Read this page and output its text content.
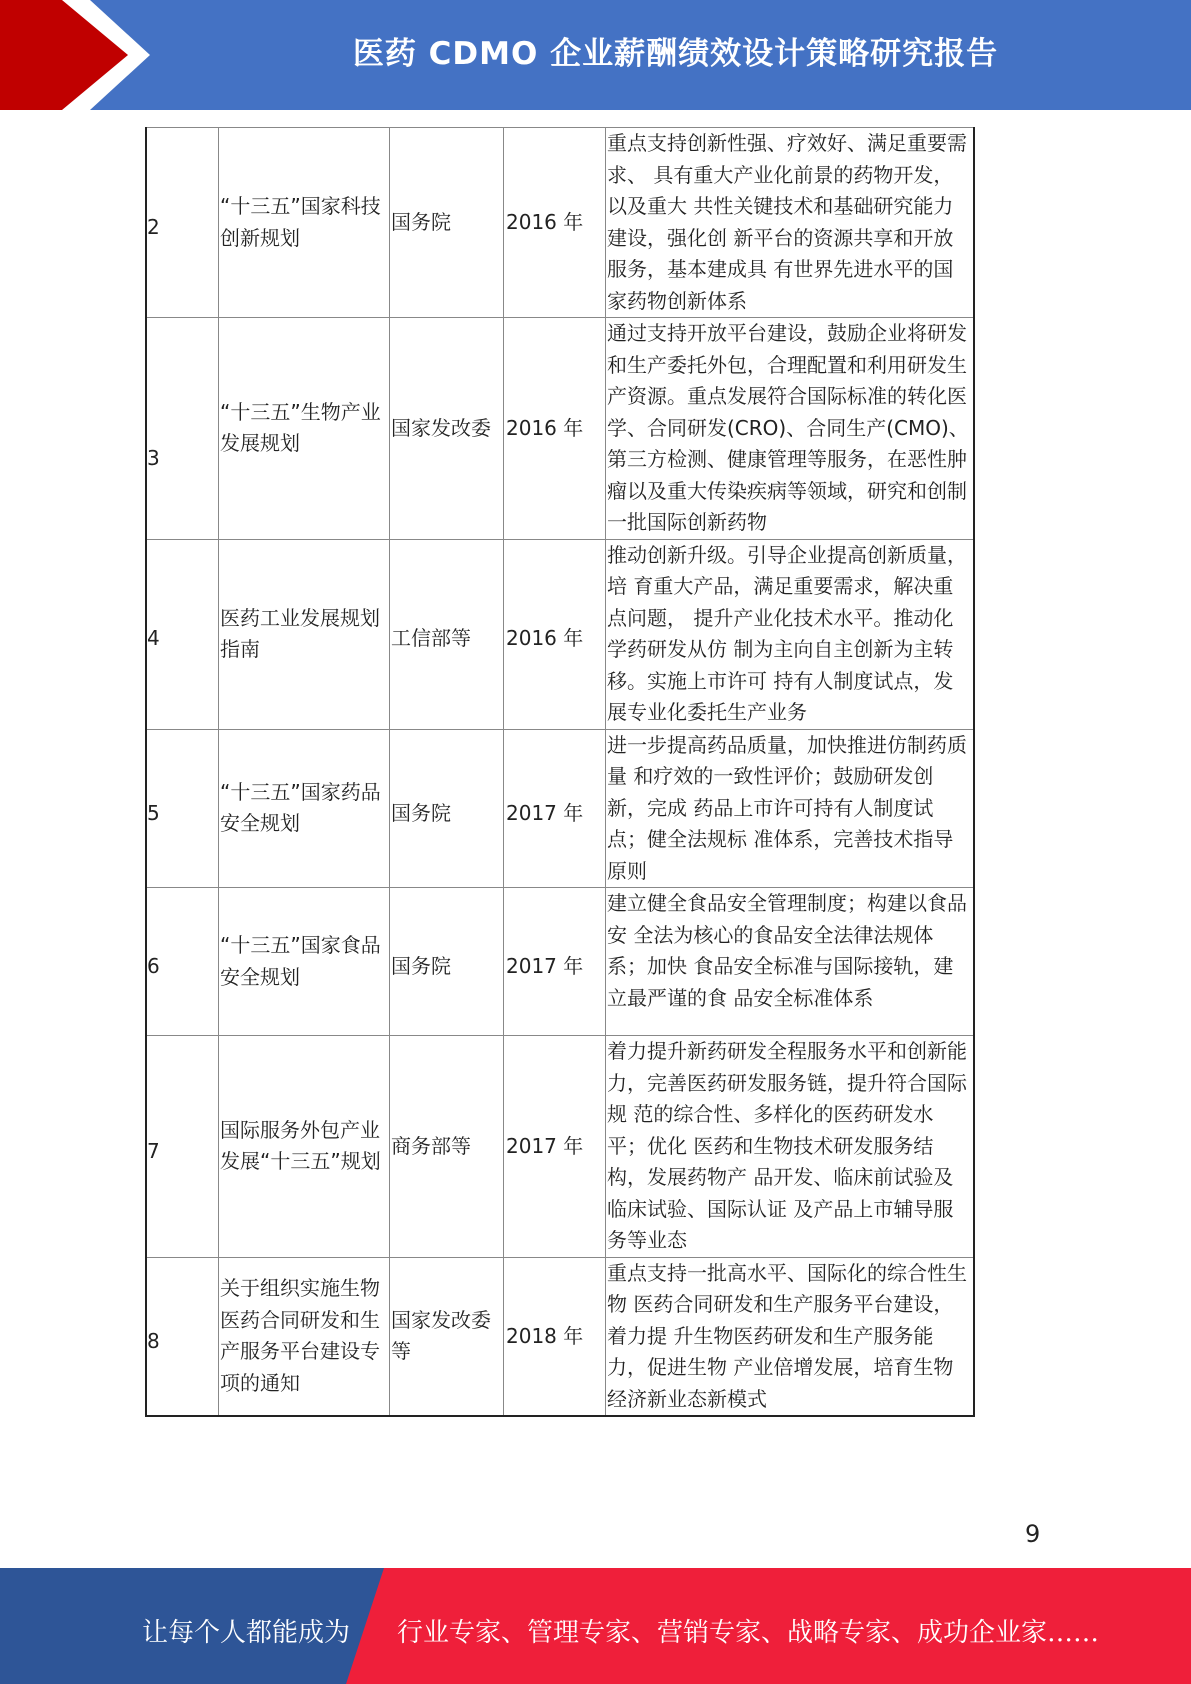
医药 CDMO 企业薪酬绩效设计策略研究报告
2	“十三五”国家科技创新规划	国务院	2016 年	重点支持创新性强、疗效好、满足重要需求、 具有重大产业化前景的药物开发，以及重大 共性关键技术和基础研究能力建设，强化创 新平台的资源共享和开放服务，基本建成具 有世界先进水平的国家药物创新体系

3	“十三五”生物产业发展规划	国家发改委	2016 年	通过支持开放平台建设，鼓励企业将研发 和生产委托外包，合理配置和利用研发生 产资源。重点发展符合国际标准的转化医 学、合同研发(CRO)、合同生产(CMO)、 第三方检测、健康管理等服务，在恶性肿 瘤以及重大传染疾病等领域，研究和创制 一批国际创新药物

4	医药工业发展规划指南	工信部等	2016 年	推动创新升级。引导企业提高创新质量，培 育重大产品，满足重要需求，解决重点问题， 提升产业化技术水平。推动化学药研发从仿 制为主向自主创新为主转移。实施上市许可 持有人制度试点，发展专业化委托生产业务

5	“十三五”国家药品安全规划	国务院	2017 年	进一步提高药品质量，加快推进仿制药质量 和疗效的一致性评价；鼓励研发创新，完成 药品上市许可持有人制度试点；健全法规标 准体系，完善技术指导原则

6	“十三五”国家食品安全规划	国务院	2017 年	建立健全食品安全管理制度；构建以食品安 全法为核心的食品安全法律法规体系；加快 食品安全标准与国际接轨，建立最严谨的食 品安全标准体系

7	国际服务外包产业发展“十三五”规划	商务部等	2017 年	着力提升新药研发全程服务水平和创新能 力，完善医药研发服务链，提升符合国际规 范的综合性、多样化的医药研发水平；优化 医药和生物技术研发服务结构，发展药物产 品开发、临床前试验及临床试验、国际认证 及产品上市辅导服务等业态

8	关于组织实施生物医药合同研发和生产服务平台建设专项的通知	国家发改委等	2018 年	重点支持一批高水平、国际化的综合性生物 医药合同研发和生产服务平台建设，着力提 升生物医药研发和生产服务能力，促进生物 产业倍增发展，培育生物经济新业态新模式
9
让每个人都能成为 行业专家、管理专家、营销专家、战略专家、成功企业家……
